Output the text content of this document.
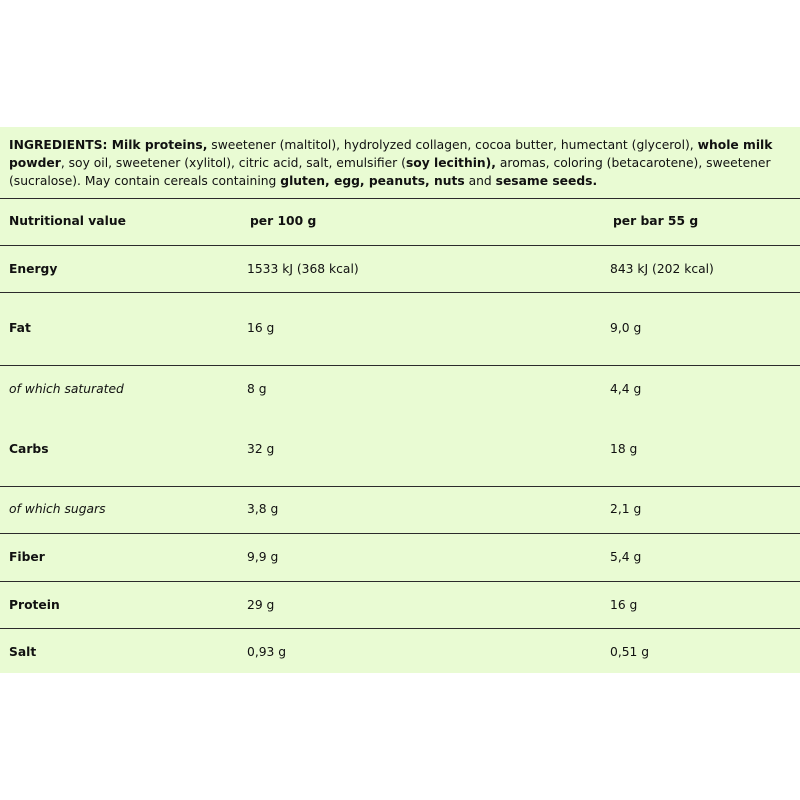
INGREDIENTS: Milk proteins, sweetener (maltitol), hydrolyzed collagen, cocoa butter, humectant (glycerol), whole milk powder, soy oil, sweetener (xylitol), citric acid, salt, emulsifier (soy lecithin), aromas, coloring (betacarotene), sweetener (sucralose). May contain cereals containing gluten, egg, peanuts, nuts and sesame seeds.

Nutritional value	per 100 g	per bar 55 g
Energy	1533 kJ (368 kcal)	843 kJ (202 kcal)
Fat	16 g	9,0 g
of which saturated	8 g	4,4 g
Carbs	32 g	18 g
of which sugars	3,8 g	2,1 g
Fiber	9,9 g	5,4 g
Protein	29 g	16 g
Salt	0,93 g	0,51 g
